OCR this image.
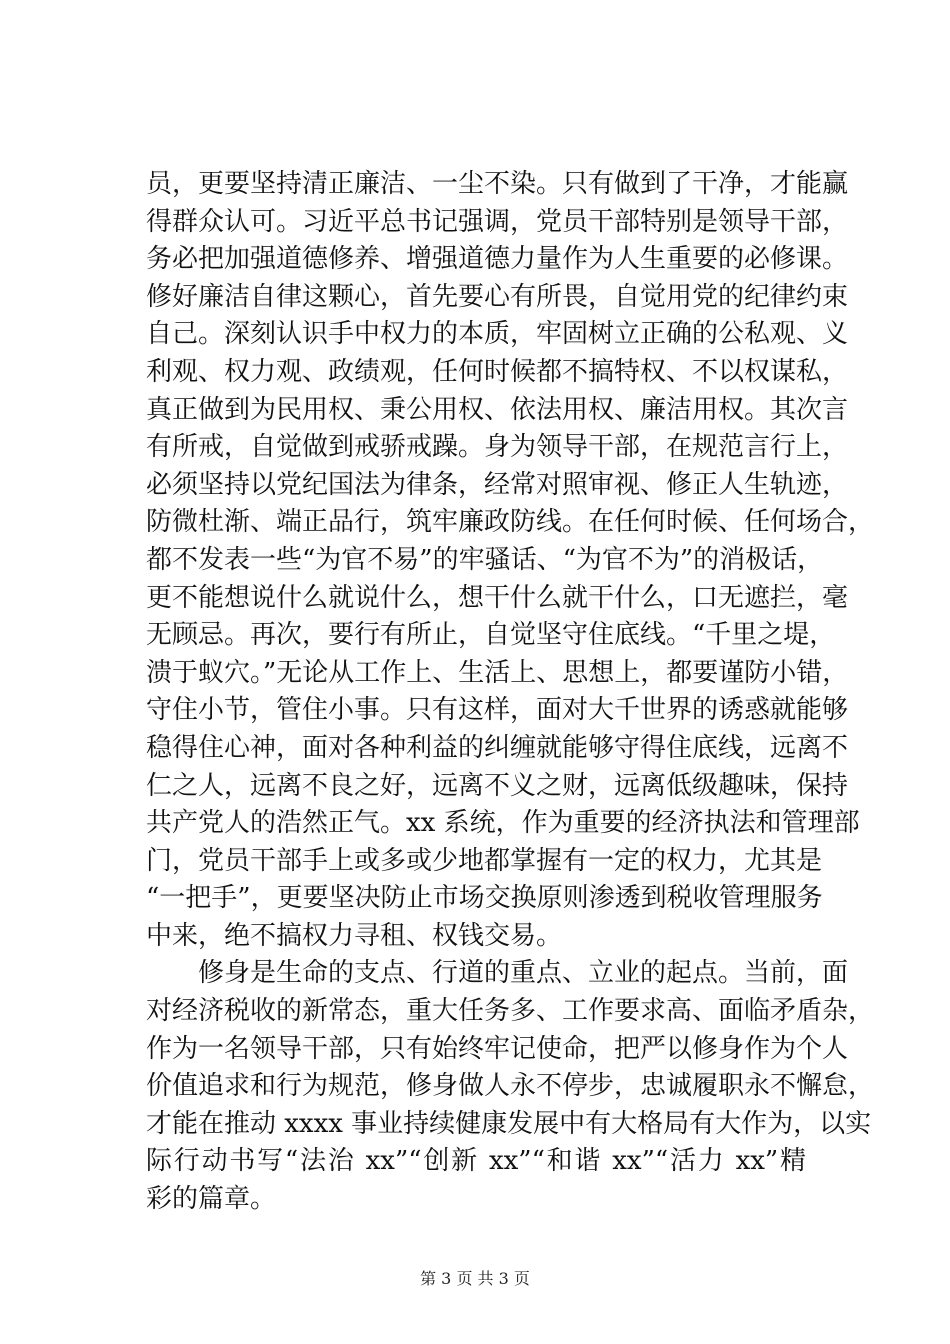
员，更要坚持清正廉洁、一尘不染。只有做到了干净，才能赢
得群众认可。习近平总书记强调，党员干部特别是领导干部，
务必把加强道德修养、增强道德力量作为人生重要的必修课。
修好廉洁自律这颗心，首先要心有所畏，自觉用党的纪律约束
自己。深刻认识手中权力的本质，牢固树立正确的公私观、义
利观、权力观、政绩观，任何时候都不搞特权、不以权谋私，
真正做到为民用权、秉公用权、依法用权、廉洁用权。其次言
有所戒，自觉做到戒骄戒躁。身为领导干部，在规范言行上，
必须坚持以党纪国法为律条，经常对照审视、修正人生轨迹，
防微杜渐、端正品行，筑牢廉政防线。在任何时候、任何场合，
都不发表一些“为官不易”的牢骚话、“为官不为”的消极话，
更不能想说什么就说什么，想干什么就干什么，口无遮拦，毫
无顾忌。再次，要行有所止，自觉坚守住底线。“千里之堤，
溃于蚁穴。”无论从工作上、生活上、思想上，都要谨防小错，
守住小节，管住小事。只有这样，面对大千世界的诱惑就能够
稳得住心神，面对各种利益的纠缠就能够守得住底线，远离不
仁之人，远离不良之好，远离不义之财，远离低级趣味，保持
共产党人的浩然正气。xx 系统，作为重要的经济执法和管理部
门，党员干部手上或多或少地都掌握有一定的权力，尤其是
“一把手”，更要坚决防止市场交换原则渗透到税收管理服务
中来，绝不搞权力寻租、权钱交易。
　　修身是生命的支点、行道的重点、立业的起点。当前，面
对经济税收的新常态，重大任务多、工作要求高、面临矛盾杂，
作为一名领导干部，只有始终牢记使命，把严以修身作为个人
价值追求和行为规范，修身做人永不停步，忠诚履职永不懈怠，
才能在推动 xxxx 事业持续健康发展中有大格局有大作为，以实
际行动书写“法治 xx”“创新 xx”“和谐 xx”“活力 xx”精
彩的篇章。
第 3 页 共 3 页
